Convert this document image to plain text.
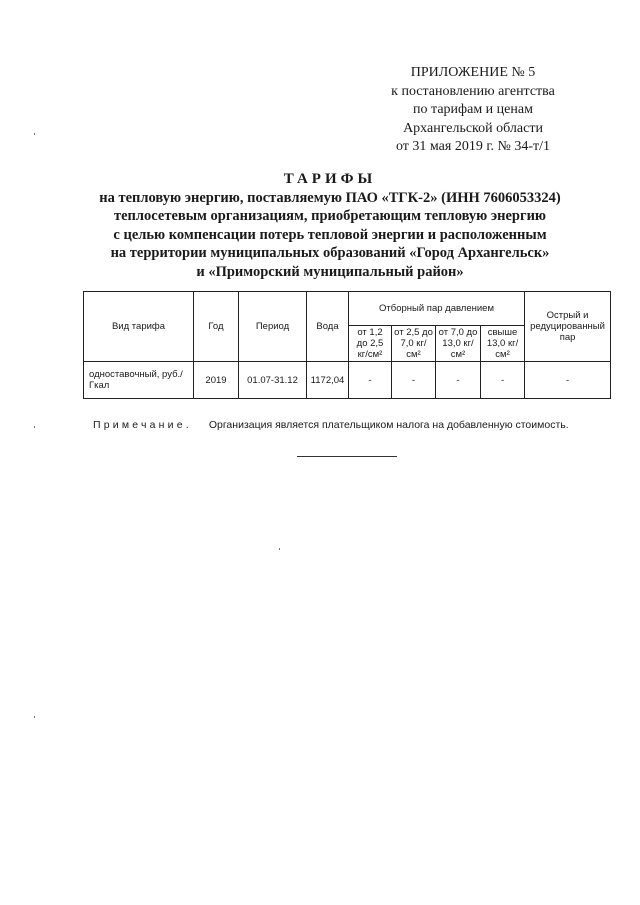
ПРИЛОЖЕНИЕ № 5
к постановлению агентства
по тарифам и ценам
Архангельской области
от 31 мая 2019 г. № 34-т/1
ТАРИФЫ
на тепловую энергию, поставляемую ПАО «ТГК-2» (ИНН 7606053324)
теплосетевым организациям, приобретающим тепловую энергию
с целью компенсации потерь тепловой энергии и расположенным
на территории муниципальных образований «Город Архангельск»
и «Приморский муниципальный район»
Вид тарифа	Год	Период	Вода	Отборный пар давлением				Острый и редуцированный пар
				от 1,2 до 2,5 кг/см²	от 2,5 до 7,0 кг/см²	от 7,0 до 13,0 кг/см²	свыше 13,0 кг/см²	
одноставочный, руб./Гкал	2019	01.07-31.12	1172,04	-	-	-	-	-
Примечание. Организация является плательщиком налога на добавленную стоимость.
